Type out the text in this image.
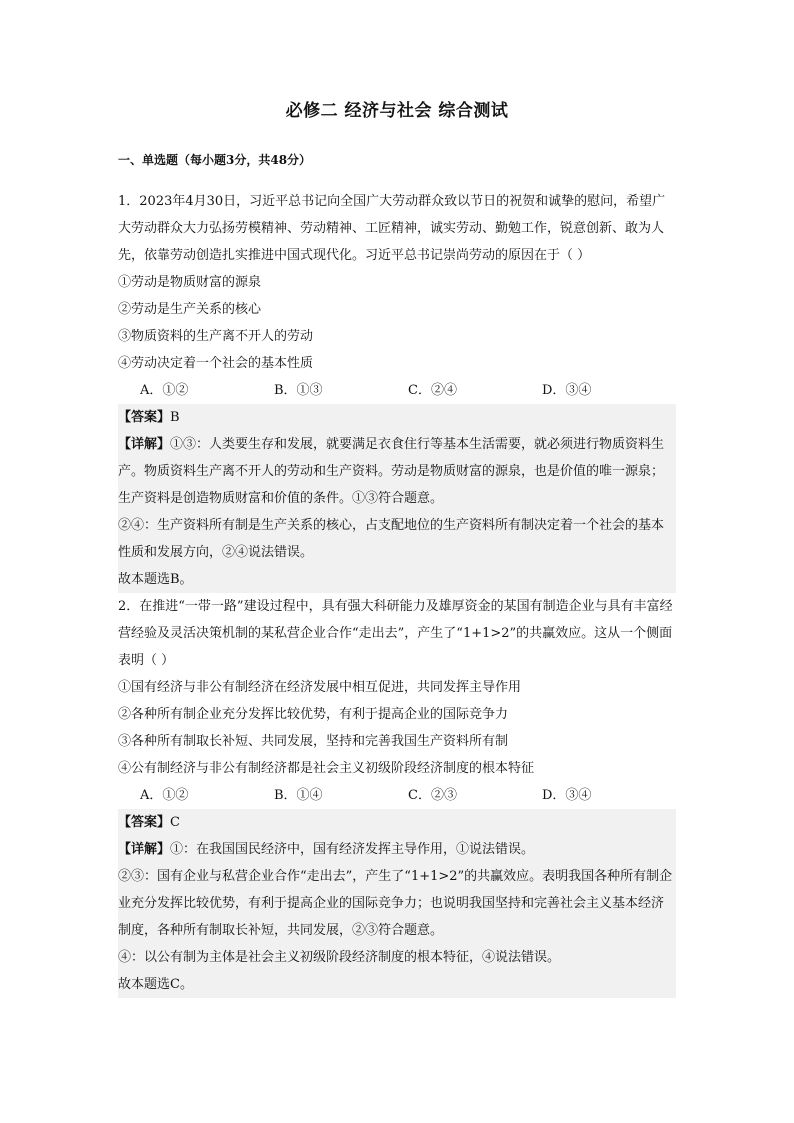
必修二 经济与社会 综合测试

一、单选题（每小题3分，共48分）

1．2023年4月30日，习近平总书记向全国广大劳动群众致以节日的祝贺和诚挚的慰问，希望广大劳动群众大力弘扬劳模精神、劳动精神、工匠精神，诚实劳动、勤勉工作，锐意创新、敢为人先，依靠劳动创造扎实推进中国式现代化。习近平总书记崇尚劳动的原因在于（ ）

①劳动是物质财富的源泉

②劳动是生产关系的核心

③物质资料的生产离不开人的劳动

④劳动决定着一个社会的基本性质

A．①②	B．①③	C．②④	D．③④

【答案】B

【详解】①③：人类要生存和发展，就要满足衣食住行等基本生活需要，就必须进行物质资料生产。物质资料生产离不开人的劳动和生产资料。劳动是物质财富的源泉，也是价值的唯一源泉；生产资料是创造物质财富和价值的条件。①③符合题意。

②④：生产资料所有制是生产关系的核心，占支配地位的生产资料所有制决定着一个社会的基本性质和发展方向，②④说法错误。

故本题选B。

2．在推进“一带一路”建设过程中，具有强大科研能力及雄厚资金的某国有制造企业与具有丰富经营经验及灵活决策机制的某私营企业合作“走出去”，产生了“1+1>2”的共赢效应。这从一个侧面表明（ ）

①国有经济与非公有制经济在经济发展中相互促进，共同发挥主导作用

②各种所有制企业充分发挥比较优势，有利于提高企业的国际竞争力

③各种所有制取长补短、共同发展，坚持和完善我国生产资料所有制

④公有制经济与非公有制经济都是社会主义初级阶段经济制度的根本特征

A．①②	B．①④	C．②③	D．③④

【答案】C

【详解】①：在我国国民经济中，国有经济发挥主导作用，①说法错误。

②③：国有企业与私营企业合作“走出去”，产生了“1+1>2”的共赢效应。表明我国各种所有制企业充分发挥比较优势，有利于提高企业的国际竞争力；也说明我国坚持和完善社会主义基本经济制度，各种所有制取长补短，共同发展，②③符合题意。

④：以公有制为主体是社会主义初级阶段经济制度的根本特征，④说法错误。

故本题选C。
